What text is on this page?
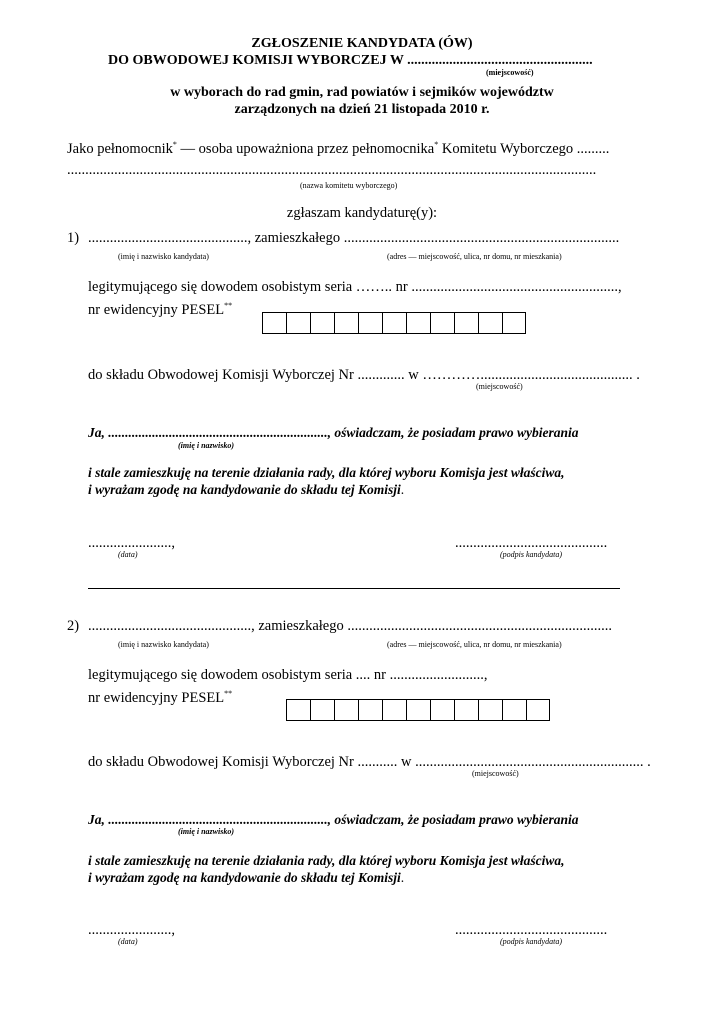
ZGŁOSZENIE KANDYDATA (ÓW)
DO OBWODOWEJ KOMISJI WYBORCZEJ W .....................................................
(miejscowość)
w wyborach do rad gmin, rad powiatów i sejmików województw
zarządzonych na dzień 21 listopada 2010 r.
Jako pełnomocnik* — osoba upoważniona przez pełnomocnika* Komitetu Wyborczego .........
..................................................................................................................................................
(nazwa komitetu wyborczego)
zgłaszam kandydaturę(y):
1) ............................................, zamieszkałego ............................................................................
(imię i nazwisko kandydata)	(adres — miejscowość, ulica, nr domu, nr mieszkania)
legitymującego się dowodem osobistym seria …….. nr .........................................................,
nr ewidencyjny PESEL**
do składu Obwodowej Komisji Wyborczej Nr ............. w ………….......................................... .
(miejscowość)
Ja, ................................................................., oświadczam, że posiadam prawo wybierania
(imię i nazwisko)
i stale zamieszkuję na terenie działania rady, dla której wyboru Komisja jest właściwa,
i wyrażam zgodę na kandydowanie do składu tej Komisji.
.......................,
(data)
..........................................
(podpis kandydata)
2) ............................................., zamieszkałego .........................................................................
(imię i nazwisko kandydata)	(adres — miejscowość, ulica, nr domu, nr mieszkania)
legitymującego się dowodem osobistym seria .... nr ..........................,
nr ewidencyjny PESEL**
do składu Obwodowej Komisji Wyborczej Nr ........... w ............................................................... .
(miejscowość)
Ja, ................................................................., oświadczam, że posiadam prawo wybierania
(imię i nazwisko)
i stale zamieszkuję na terenie działania rady, dla której wyboru Komisja jest właściwa,
i wyrażam zgodę na kandydowanie do składu tej Komisji.
.......................,
(data)
..........................................
(podpis kandydata)
